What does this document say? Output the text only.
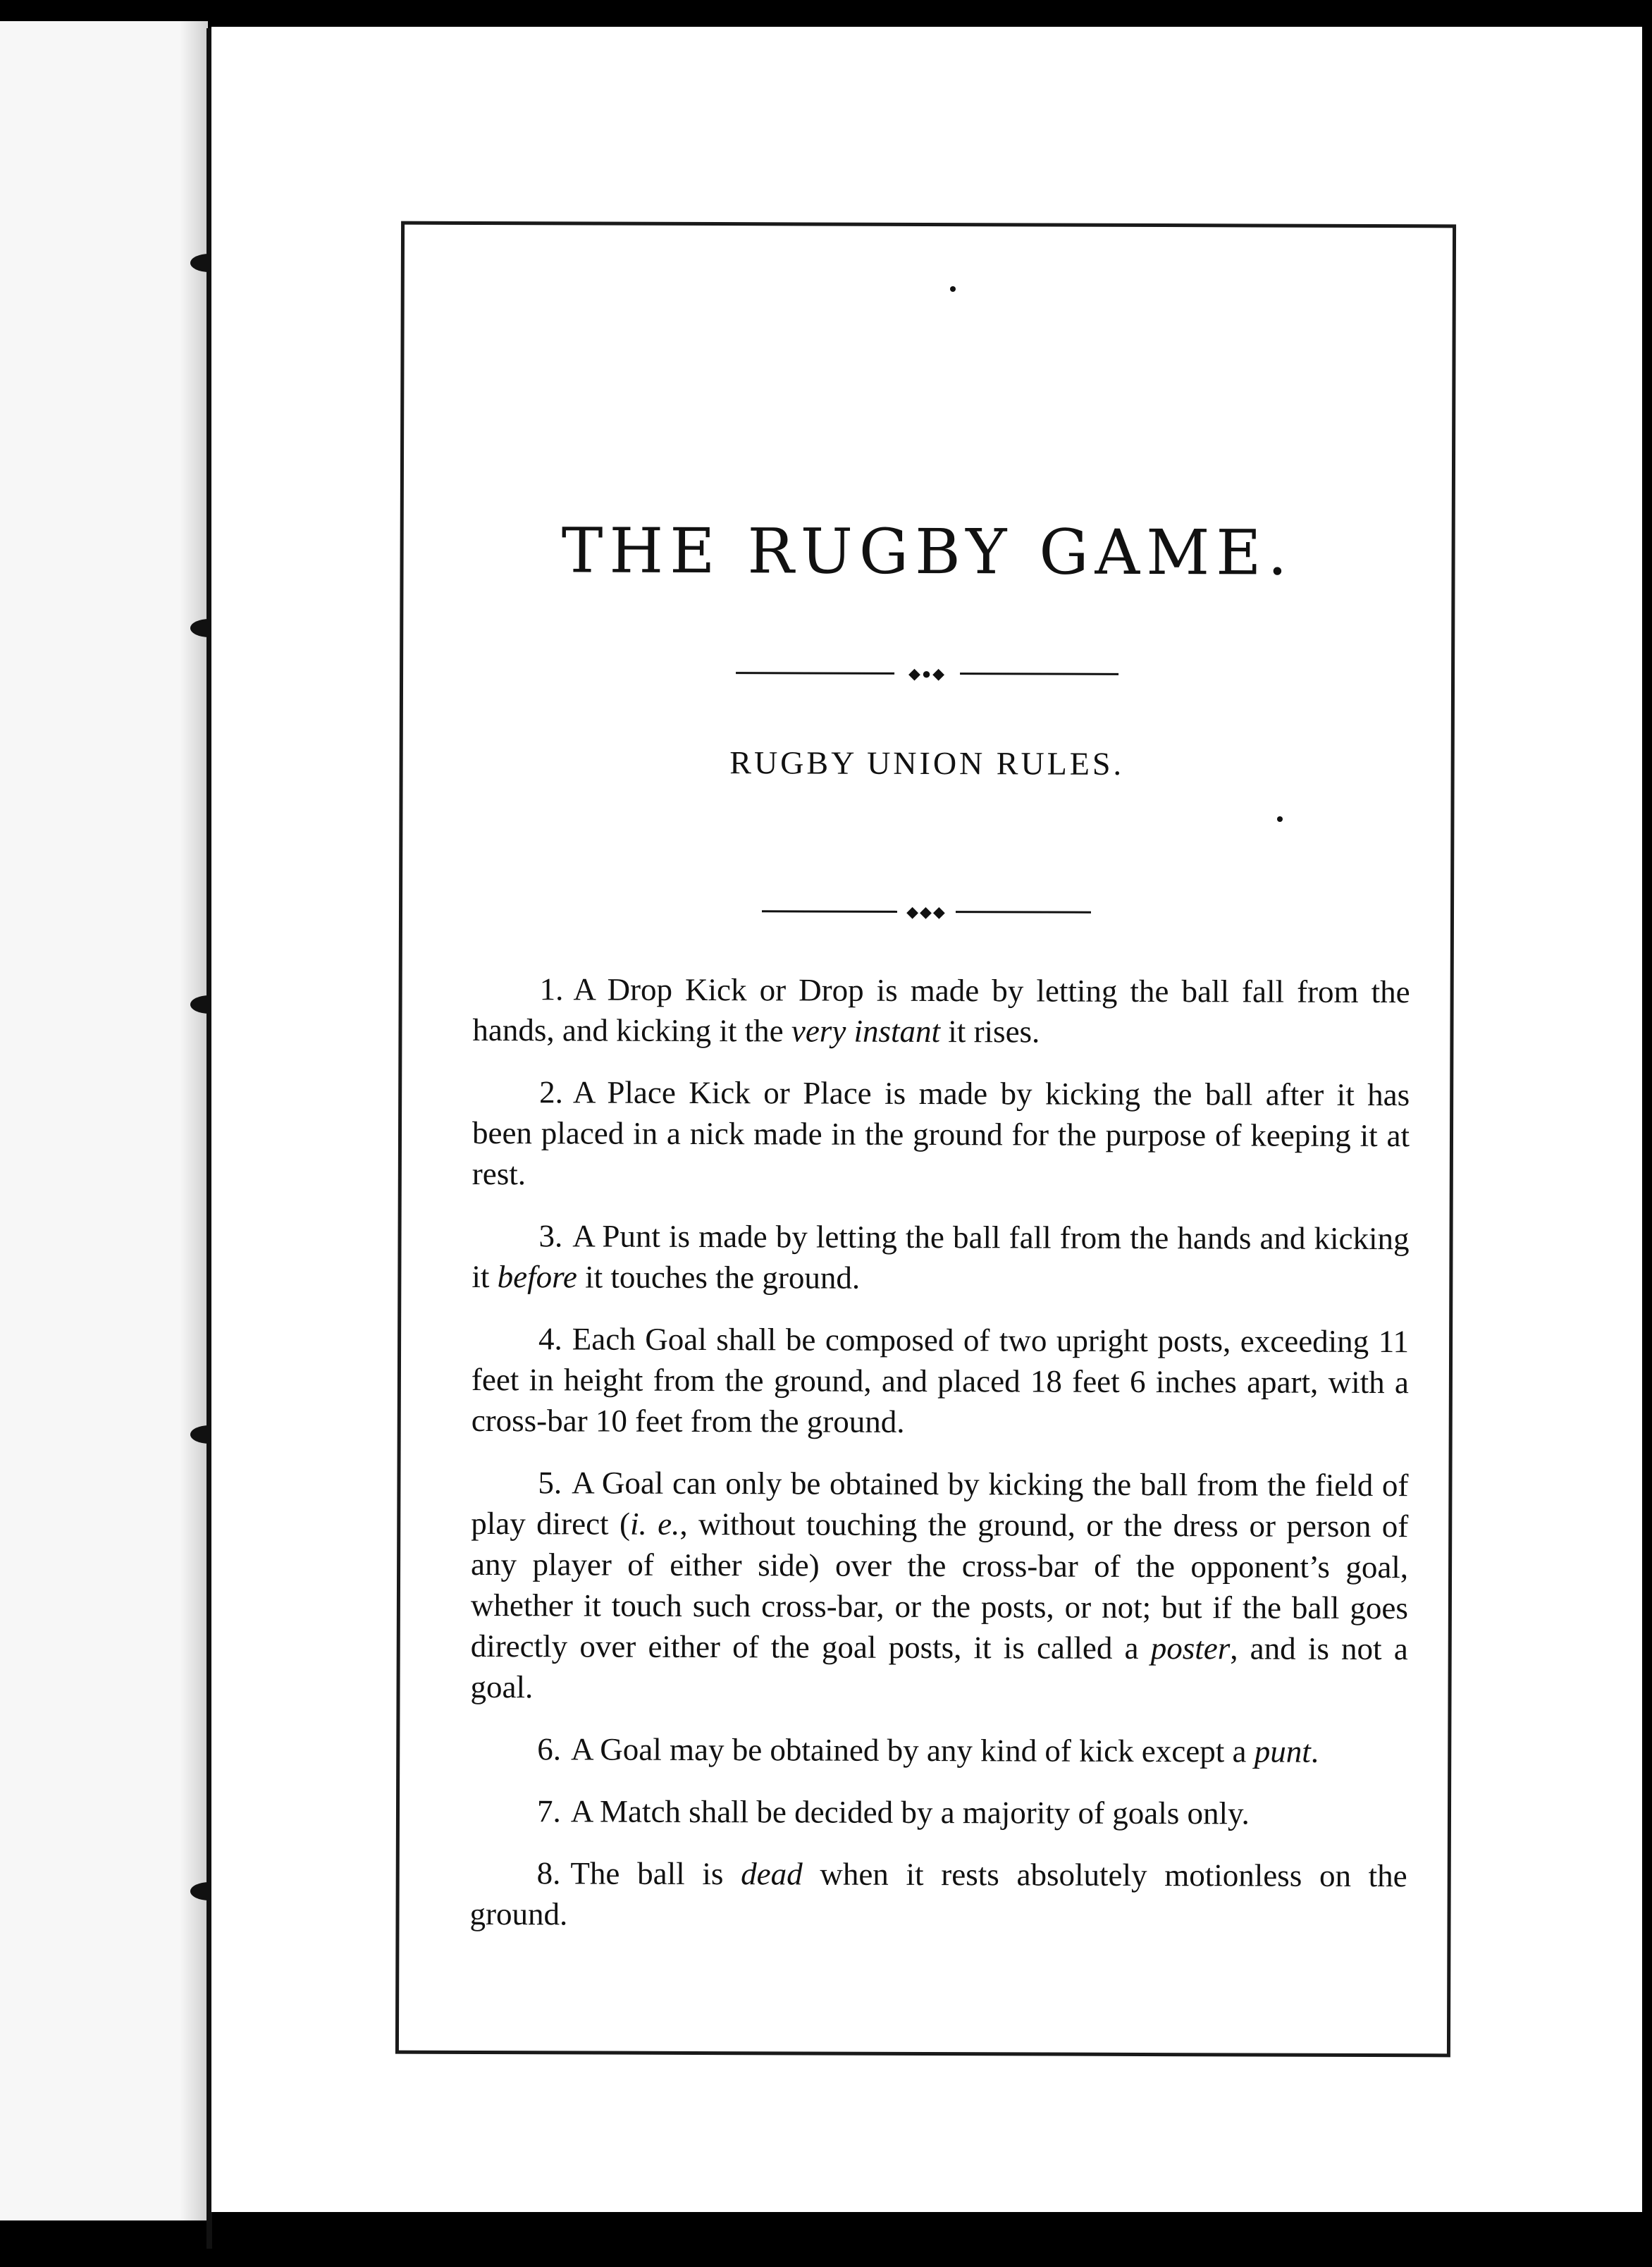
THE RUGBY GAME.
◆●◆
RUGBY UNION RULES.
◆◆◆
1. A Drop Kick or Drop is made by letting the ball fall from the hands, and kicking it the very instant it rises.
2. A Place Kick or Place is made by kicking the ball after it has been placed in a nick made in the ground for the purpose of keeping it at rest.
3. A Punt is made by letting the ball fall from the hands and kicking it before it touches the ground.
4. Each Goal shall be composed of two upright posts, exceeding 11 feet in height from the ground, and placed 18 feet 6 inches apart, with a cross-bar 10 feet from the ground.
5. A Goal can only be obtained by kicking the ball from the field of play direct (i. e., without touching the ground, or the dress or person of any player of either side) over the cross-bar of the opponent’s goal, whether it touch such cross-bar, or the posts, or not; but if the ball goes directly over either of the goal posts, it is called a poster, and is not a goal.
6. A Goal may be obtained by any kind of kick except a punt.
7. A Match shall be decided by a majority of goals only.
8. The ball is dead when it rests absolutely motionless on the ground.
